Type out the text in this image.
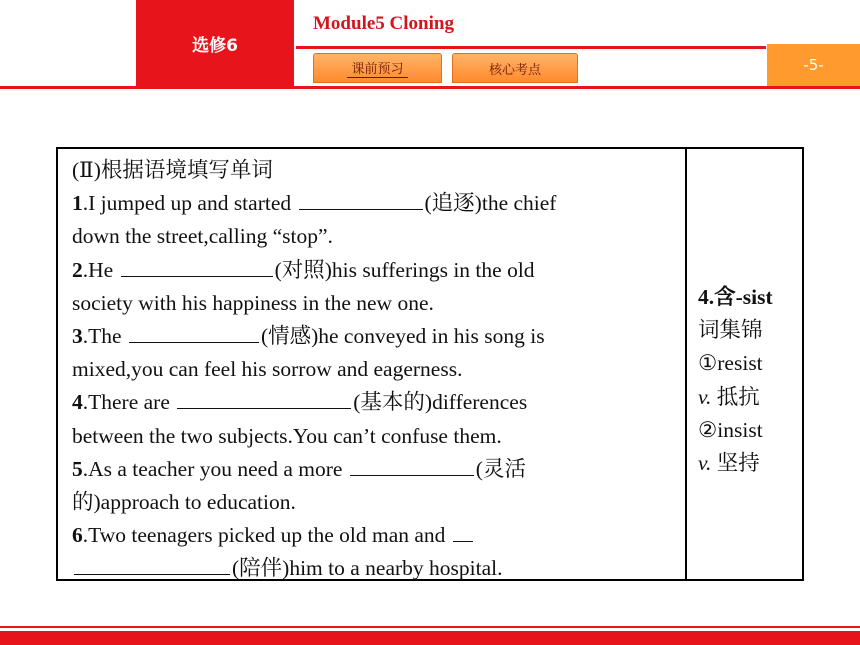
选修6
Module5 Cloning
课前预习	核心考点	-5-
(Ⅱ)根据语境填写单词
1.I jumped up and started	(追逐)the chief
down the street,calling “stop”.
2.He	(对照)his sufferings in the old
society with his happiness in the new one.
3.The	(情感)he conveyed in his song is
mixed,you can feel his sorrow and eagerness.
4.There are	(基本的)differences
between the two subjects.You can’t confuse them.
5.As a teacher you need a more	(灵活
的)approach to education.
6.Two teenagers picked up the old man and
(陪伴)him to a nearby hospital.
4.含-sist
词集锦
①resist
v. 抵抗
②insist
v. 坚持
